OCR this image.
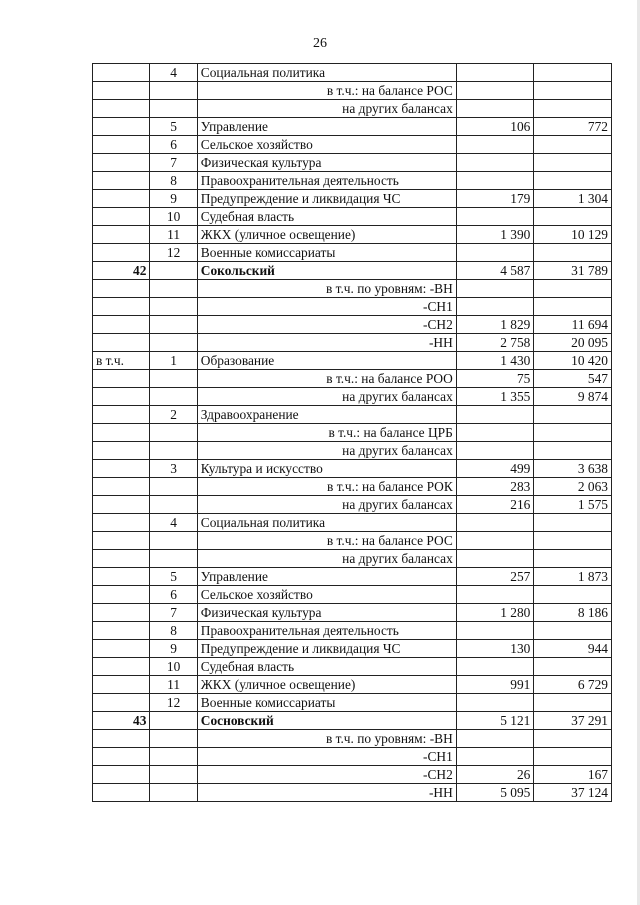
26
	4	Социальная политика		
		в т.ч.: на балансе РОС		
		на других балансах		
	5	Управление	106	772
	6	Сельское хозяйство		
	7	Физическая культура		
	8	Правоохранительная деятельность		
	9	Предупреждение и ликвидация ЧС	179	1 304
	10	Судебная власть		
	11	ЖКХ (уличное освещение)	1 390	10 129
	12	Военные комиссариаты		
42		Сокольский	4 587	31 789
		в т.ч. по уровням: -ВН		
		-СН1		
		-СН2	1 829	11 694
		-НН	2 758	20 095
в т.ч.	1	Образование	1 430	10 420
		в т.ч.: на балансе РОО	75	547
		на других балансах	1 355	9 874
	2	Здравоохранение		
		в т.ч.: на балансе ЦРБ		
		на других балансах		
	3	Культура и искусство	499	3 638
		в т.ч.: на балансе РОК	283	2 063
		на других балансах	216	1 575
	4	Социальная политика		
		в т.ч.: на балансе РОС		
		на других балансах		
	5	Управление	257	1 873
	6	Сельское хозяйство		
	7	Физическая культура	1 280	8 186
	8	Правоохранительная деятельность		
	9	Предупреждение и ликвидация ЧС	130	944
	10	Судебная власть		
	11	ЖКХ (уличное освещение)	991	6 729
	12	Военные комиссариаты		
43		Сосновский	5 121	37 291
		в т.ч. по уровням: -ВН		
		-СН1		
		-СН2	26	167
		-НН	5 095	37 124
